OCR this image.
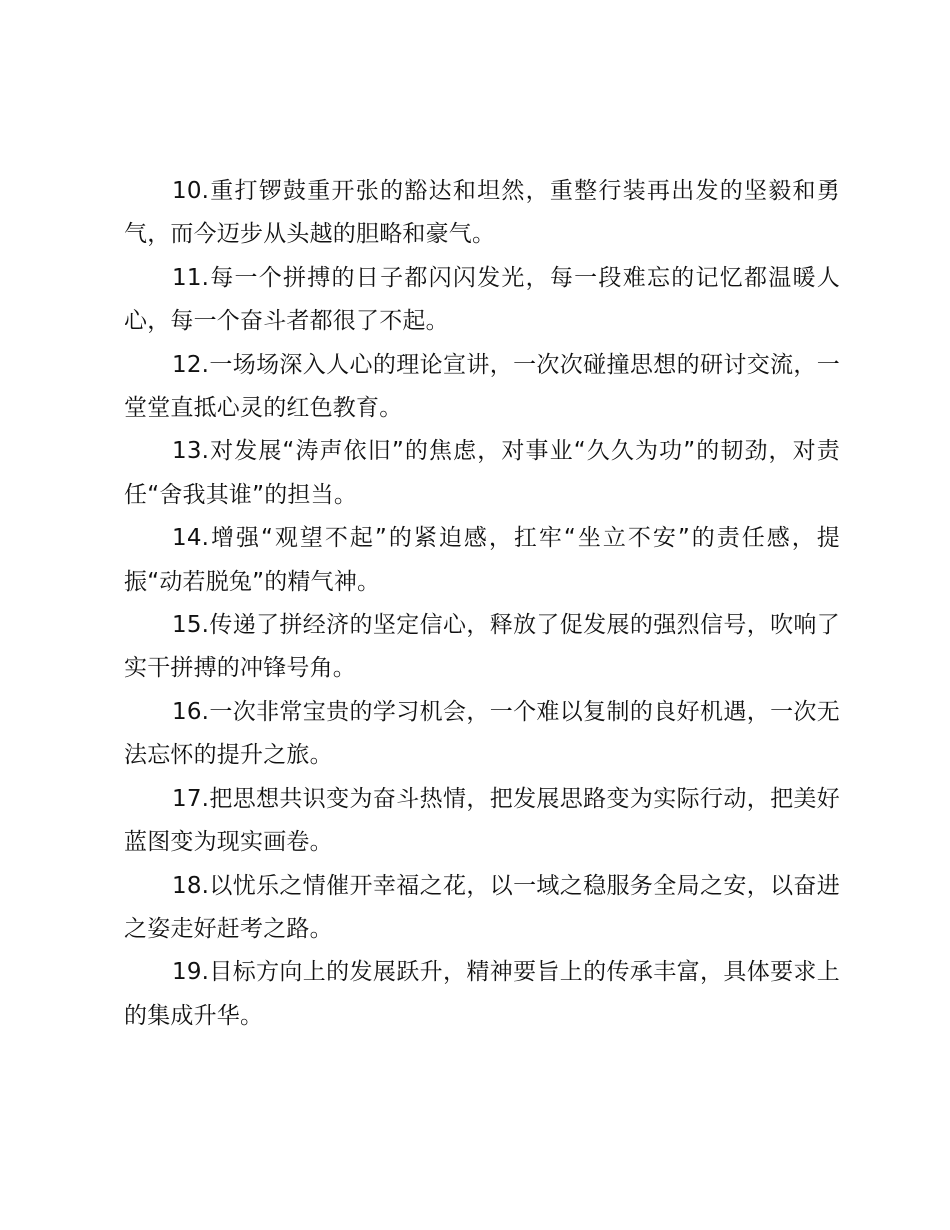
10.重打锣鼓重开张的豁达和坦然，重整行装再出发的坚毅和勇气，而今迈步从头越的胆略和豪气。

11.每一个拼搏的日子都闪闪发光，每一段难忘的记忆都温暖人心，每一个奋斗者都很了不起。

12.一场场深入人心的理论宣讲，一次次碰撞思想的研讨交流，一堂堂直抵心灵的红色教育。

13.对发展“涛声依旧”的焦虑，对事业“久久为功”的韧劲，对责任“舍我其谁”的担当。

14.增强“观望不起”的紧迫感，扛牢“坐立不安”的责任感，提振“动若脱兔”的精气神。

15.传递了拼经济的坚定信心，释放了促发展的强烈信号，吹响了实干拼搏的冲锋号角。

16.一次非常宝贵的学习机会，一个难以复制的良好机遇，一次无法忘怀的提升之旅。

17.把思想共识变为奋斗热情，把发展思路变为实际行动，把美好蓝图变为现实画卷。

18.以忧乐之情催开幸福之花，以一域之稳服务全局之安，以奋进之姿走好赶考之路。

19.目标方向上的发展跃升，精神要旨上的传承丰富，具体要求上的集成升华。
